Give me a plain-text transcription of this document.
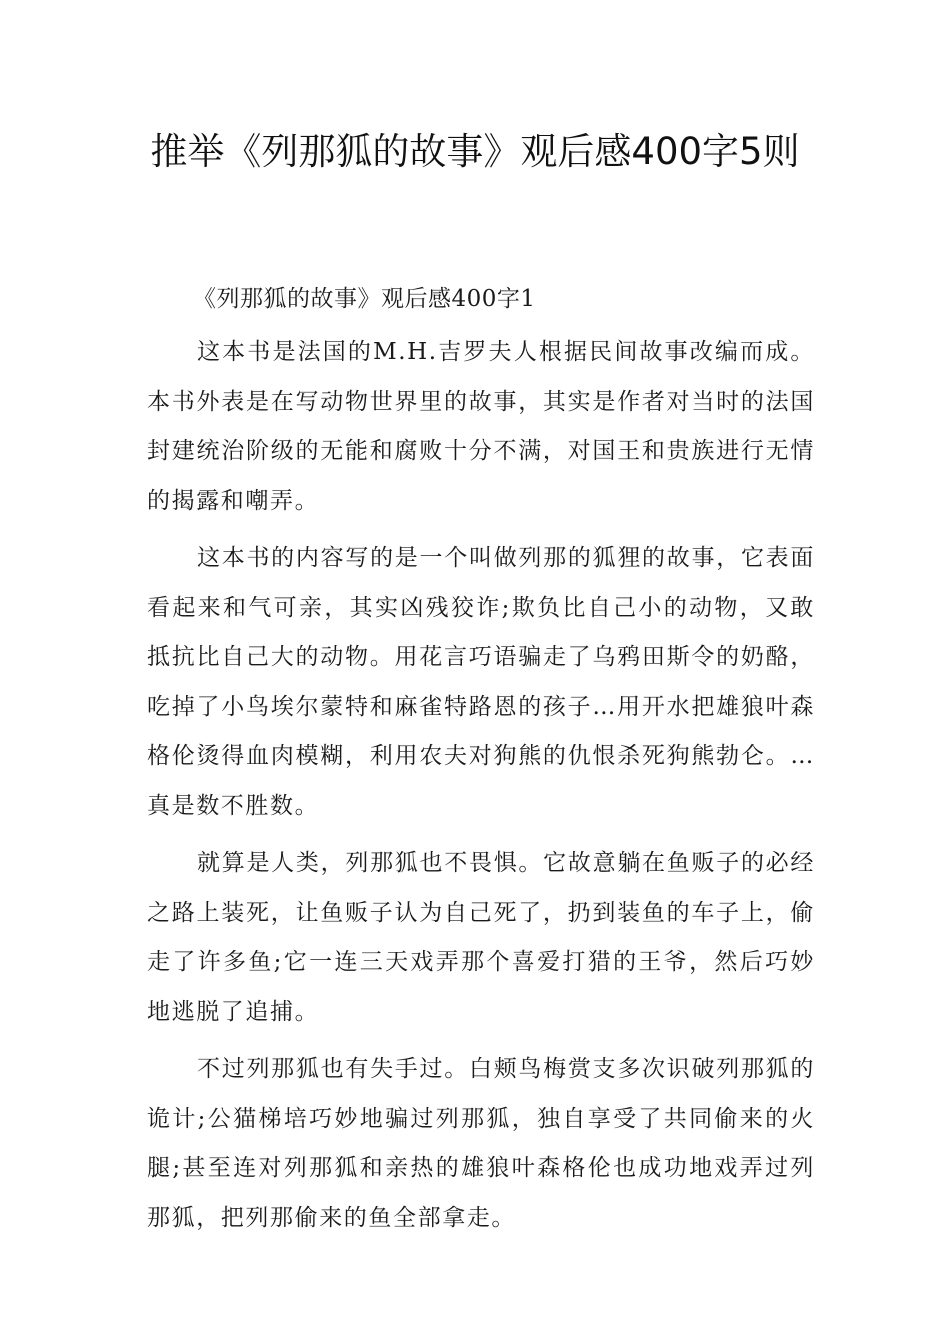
推举《列那狐的故事》观后感400字5则

《列那狐的故事》观后感400字1

这本书是法国的M.H.吉罗夫人根据民间故事改编而成。本书外表是在写动物世界里的故事，其实是作者对当时的法国封建统治阶级的无能和腐败十分不满，对国王和贵族进行无情的揭露和嘲弄。

这本书的内容写的是一个叫做列那的狐狸的故事，它表面看起来和气可亲，其实凶残狡诈;欺负比自己小的动物，又敢抵抗比自己大的动物。用花言巧语骗走了乌鸦田斯令的奶酪，吃掉了小鸟埃尔蒙特和麻雀特路恩的孩子…用开水把雄狼叶森格伦烫得血肉模糊，利用农夫对狗熊的仇恨杀死狗熊勃仑。…真是数不胜数。

就算是人类，列那狐也不畏惧。它故意躺在鱼贩子的必经之路上装死，让鱼贩子认为自己死了，扔到装鱼的车子上，偷走了许多鱼;它一连三天戏弄那个喜爱打猎的王爷，然后巧妙地逃脱了追捕。

不过列那狐也有失手过。白颊鸟梅赏支多次识破列那狐的诡计;公猫梯培巧妙地骗过列那狐，独自享受了共同偷来的火腿;甚至连对列那狐和亲热的雄狼叶森格伦也成功地戏弄过列那狐，把列那偷来的鱼全部拿走。
